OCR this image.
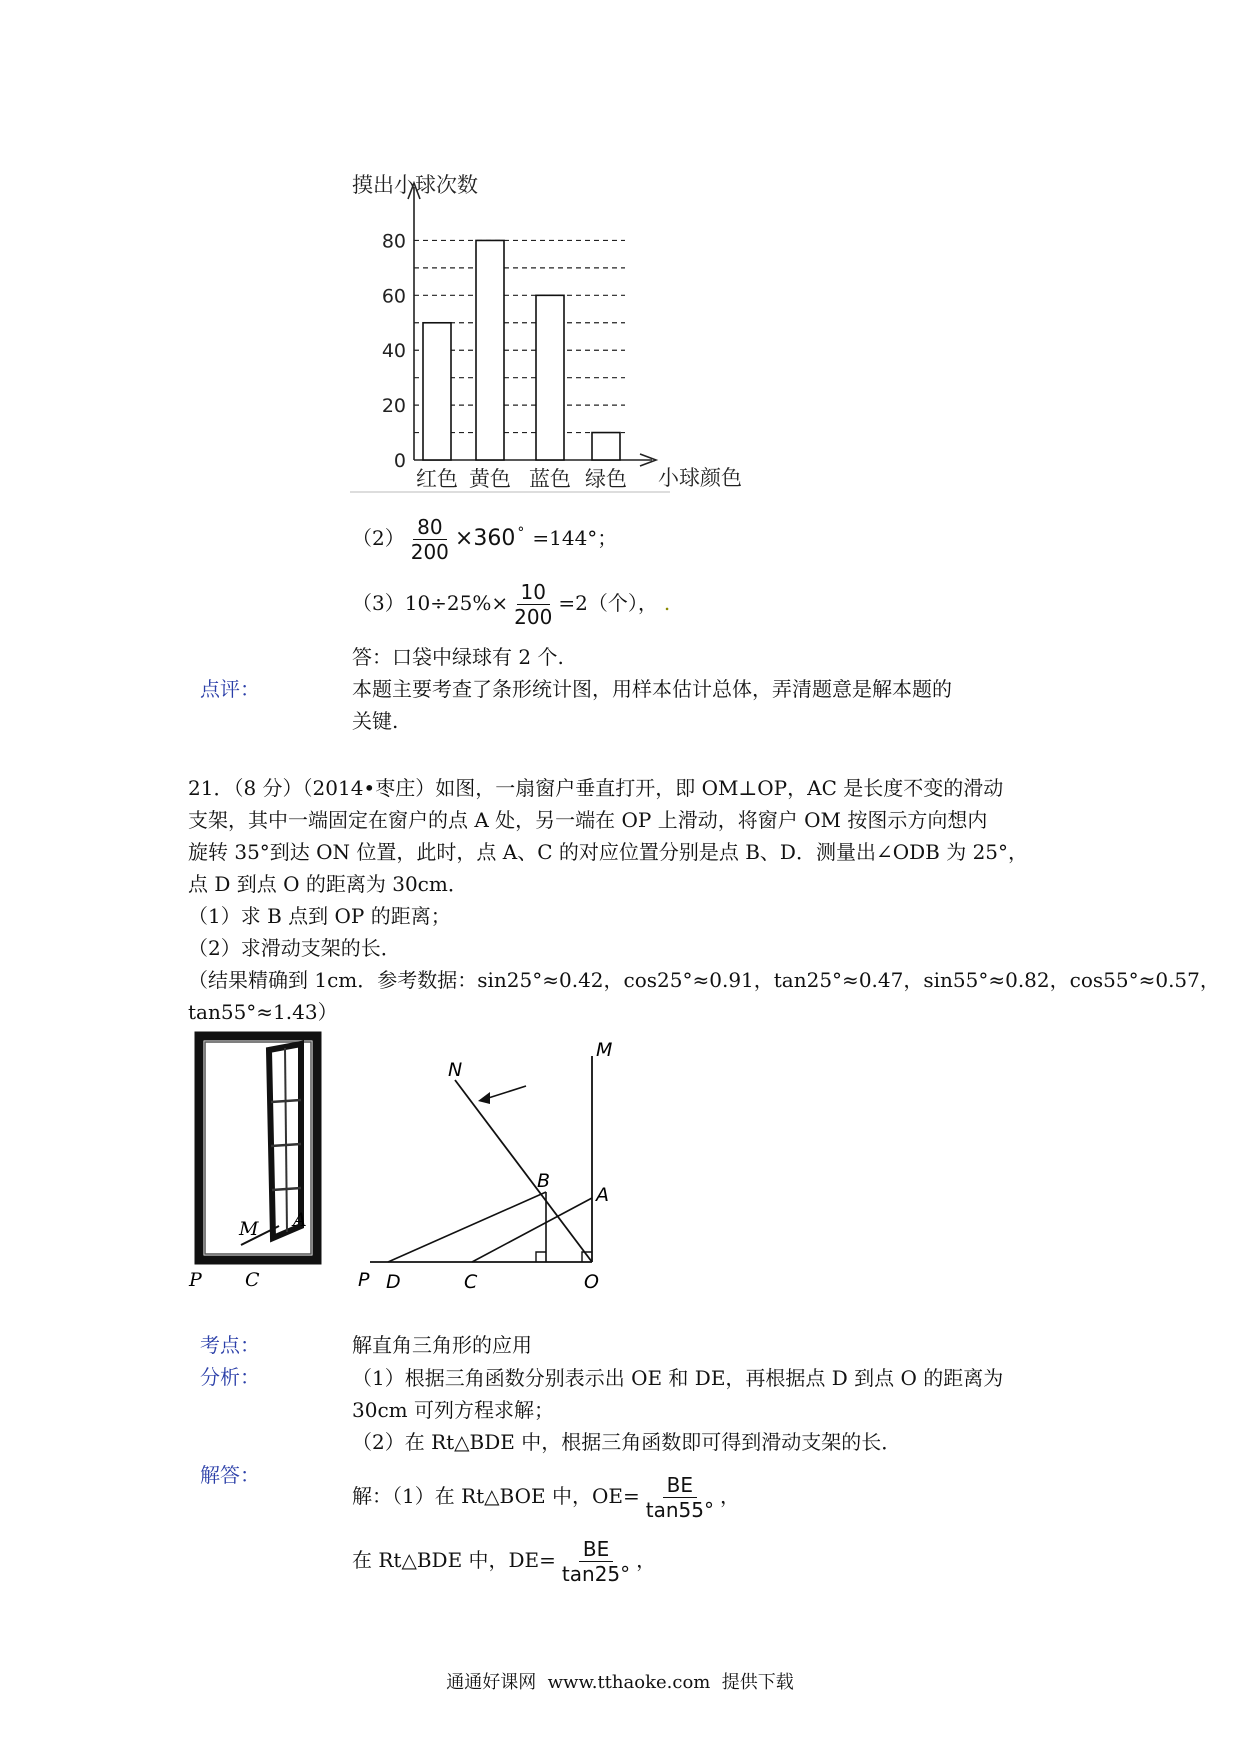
摸出小球次数
0
20
40
60
80
红色 黄色 蓝色 绿色 小球颜色
$(2) \frac{80}{200} \times 360$ ° =144°；
$(3)10\div 25\%\times \frac{10}{200} =2$（个）， .
答：口袋中绿球有 2 个.
点评：	本题主要考查了条形统计图，用样本估计总体，弄清题意是解本题的
关键.
21．（8 分）（2014•枣庄）如图，一扇窗户垂直打开，即 OM⊥OP，AC 是长度不变的滑动
支架，其中一端固定在窗户的点 A 处，另一端在 OP 上滑动，将窗户 OM 按图示方向想内
旋转 35°到达 ON 位置，此时，点 A、C 的对应位置分别是点 B、D．测量出∠ODB 为 25°，
点 D 到点 O 的距离为 30cm．
（1）求 B 点到 OP 的距离；
（2）求滑动支架的长．
（结果精确到 1cm．参考数据：sin25°≈0.42，cos25°≈0.91，tan25°≈0.47，sin55°≈0.82，cos55°≈0.57，
tan55°≈1.43）
M A
P C
N
M
B
A
P D	C	O
考点：	解直角三角形的应用
分析：	（1）根据三角函数分别表示出 OE 和 DE，再根据点 D 到点 O 的距离为
30cm 可列方程求解；
（2）在 Rt△BDE 中，根据三角函数即可得到滑动支架的长．
解答：
解：（1）在 Rt△BOE 中，$OE= \frac{BE}{\tan 55^\circ}$ ，
在 Rt△BDE 中，$DE= \frac{BE}{\tan 25^\circ}$ ，
通通好课网  www.tthaoke.com  提供下载
